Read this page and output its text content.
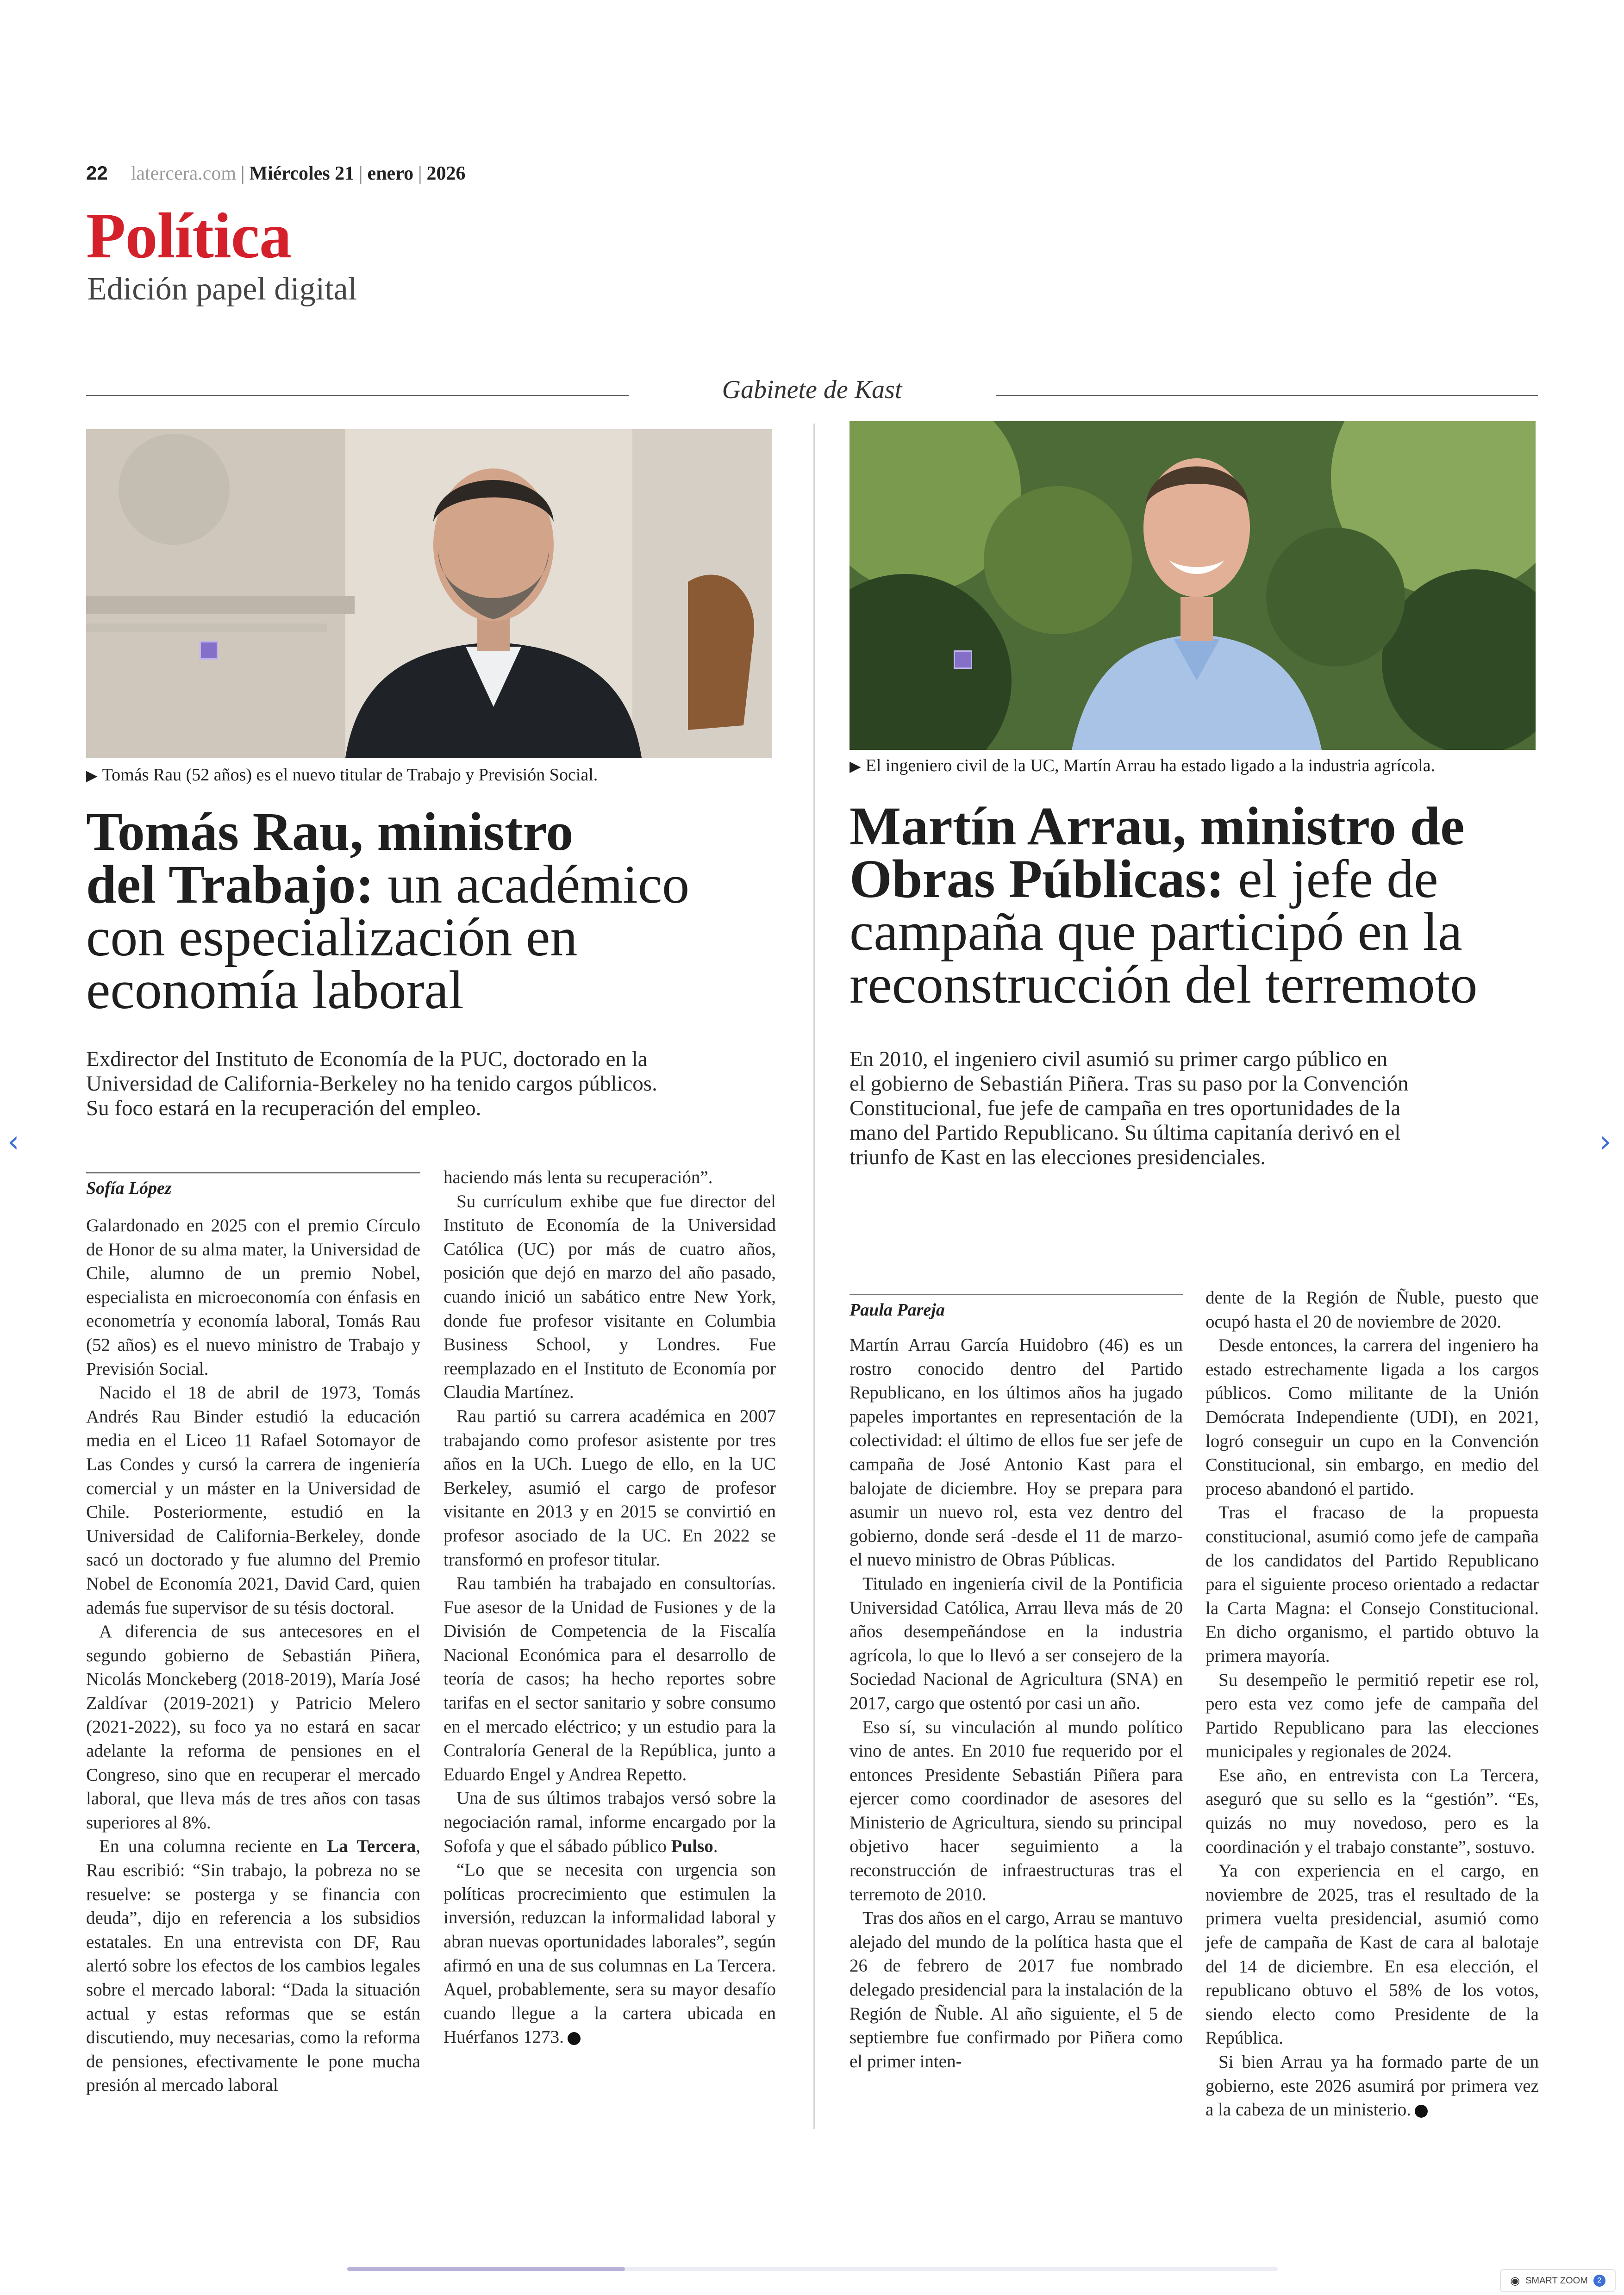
22 latercera.com | Miércoles 21 | enero | 2026
Política
Edición papel digital
Gabinete de Kast
▶ Tomás Rau (52 años) es el nuevo titular de Trabajo y Previsión Social.	▶ El ingeniero civil de la UC, Martín Arrau ha estado ligado a la industria agrícola.
Tomás Rau, ministro
del Trabajo: un académico
con especialización en
economía laboral
Exdirector del Instituto de Economía de la PUC, doctorado en la
Universidad de California-Berkeley no ha tenido cargos públicos.
Su foco estará en la recuperación del empleo.
Martín Arrau, ministro de
Obras Públicas: el jefe de
campaña que participó en la
reconstrucción del terremoto
En 2010, el ingeniero civil asumió su primer cargo público en
el gobierno de Sebastián Piñera. Tras su paso por la Convención
Constitucional, fue jefe de campaña en tres oportunidades de la
mano del Partido Republicano. Su última capitanía derivó en el
triunfo de Kast en las elecciones presidenciales.
Sofía López

Galardonado en 2025 con el premio Círculo de Honor de su alma mater, la Universidad de Chile, alumno de un premio Nobel, especialista en microeconomía con énfasis en econometría y economía laboral, Tomás Rau (52 años) es el nuevo ministro de Trabajo y Previsión Social.

Nacido el 18 de abril de 1973, Tomás Andrés Rau Binder estudió la educación media en el Liceo 11 Rafael Sotomayor de Las Condes y cursó la carrera de ingeniería comercial y un máster en la Universidad de Chile. Posteriormente, estudió en la Universidad de California-Berkeley, donde sacó un doctorado y fue alumno del Premio Nobel de Economía 2021, David Card, quien además fue supervisor de su tésis doctoral.

A diferencia de sus antecesores en el segundo gobierno de Sebastián Piñera, Nicolás Monckeberg (2018-2019), María José Zaldívar (2019-2021) y Patricio Melero (2021-2022), su foco ya no estará en sacar adelante la reforma de pensiones en el Congreso, sino que en recuperar el mercado laboral, que lleva más de tres años con tasas superiores al 8%.

En una columna reciente en La Tercera, Rau escribió: “Sin trabajo, la pobreza no se resuelve: se posterga y se financia con deuda”, dijo en referencia a los subsidios estatales. En una entrevista con DF, Rau alertó sobre los efectos de los cambios legales sobre el mercado laboral: “Dada la situación actual y estas reformas que se están discutiendo, muy necesarias, como la reforma de pensiones, efectivamente le pone mucha presión al mercado laboral

haciendo más lenta su recuperación”.

Su currículum exhibe que fue director del Instituto de Economía de la Universidad Católica (UC) por más de cuatro años, posición que dejó en marzo del año pasado, cuando inició un sabático entre New York, donde fue profesor visitante en Columbia Business School, y Londres. Fue reemplazado en el Instituto de Economía por Claudia Martínez.

Rau partió su carrera académica en 2007 trabajando como profesor asistente por tres años en la UCh. Luego de ello, en la UC Berkeley, asumió el cargo de profesor visitante en 2013 y en 2015 se convirtió en profesor asociado de la UC. En 2022 se transformó en profesor titular.

Rau también ha trabajado en consultorías. Fue asesor de la Unidad de Fusiones y de la División de Competencia de la Fiscalía Nacional Económica para el desarrollo de teoría de casos; ha hecho reportes sobre tarifas en el sector sanitario y sobre consumo en el mercado eléctrico; y un estudio para la Contraloría General de la República, junto a Eduardo Engel y Andrea Repetto.

Una de sus últimos trabajos versó sobre la negociación ramal, informe encargado por la Sofofa y que el sábado público Pulso.

“Lo que se necesita con urgencia son políticas procrecimiento que estimulen la inversión, reduzcan la informalidad laboral y abran nuevas oportunidades laborales”, según afirmó en una de sus columnas en La Tercera. Aquel, probablemente, sera su mayor desafío cuando llegue a la cartera ubicada en Huérfanos 1273.

Paula Pareja

Martín Arrau García Huidobro (46) es un rostro conocido dentro del Partido Republicano, en los últimos años ha jugado papeles importantes en representación de la colectividad: el último de ellos fue ser jefe de campaña de José Antonio Kast para el balojate de diciembre. Hoy se prepara para asumir un nuevo rol, esta vez dentro del gobierno, donde será -desde el 11 de marzo- el nuevo ministro de Obras Públicas.

Titulado en ingeniería civil de la Pontificia Universidad Católica, Arrau lleva más de 20 años desempeñándose en la industria agrícola, lo que lo llevó a ser consejero de la Sociedad Nacional de Agricultura (SNA) en 2017, cargo que ostentó por casi un año.

Eso sí, su vinculación al mundo político vino de antes. En 2010 fue requerido por el entonces Presidente Sebastián Piñera para ejercer como coordinador de asesores del Ministerio de Agricultura, siendo su principal objetivo hacer seguimiento a la reconstrucción de infraestructuras tras el terremoto de 2010.

Tras dos años en el cargo, Arrau se mantuvo alejado del mundo de la política hasta que el 26 de febrero de 2017 fue nombrado delegado presidencial para la instalación de la Región de Ñuble. Al año siguiente, el 5 de septiembre fue confirmado por Piñera como el primer inten-

dente de la Región de Ñuble, puesto que ocupó hasta el 20 de noviembre de 2020.

Desde entonces, la carrera del ingeniero ha estado estrechamente ligada a los cargos públicos. Como militante de la Unión Demócrata Independiente (UDI), en 2021, logró conseguir un cupo en la Convención Constitucional, sin embargo, en medio del proceso abandonó el partido.

Tras el fracaso de la propuesta constitucional, asumió como jefe de campaña de los candidatos del Partido Republicano para el siguiente proceso orientado a redactar la Carta Magna: el Consejo Constitucional. En dicho organismo, el partido obtuvo la primera mayoría.

Su desempeño le permitió repetir ese rol, pero esta vez como jefe de campaña del Partido Republicano para las elecciones municipales y regionales de 2024.

Ese año, en entrevista con La Tercera, aseguró que su sello es la “gestión”. “Es, quizás no muy novedoso, pero es la coordinación y el trabajo constante”, sostuvo.

Ya con experiencia en el cargo, en noviembre de 2025, tras el resultado de la primera vuelta presidencial, asumió como jefe de campaña de Kast de cara al balotaje del 14 de diciembre. En esa elección, el republicano obtuvo el 58% de los votos, siendo electo como Presidente de la República.

Si bien Arrau ya ha formado parte de un gobierno, este 2026 asumirá por primera vez a la cabeza de un ministerio.

‹	›
◉ SMART ZOOM	2
